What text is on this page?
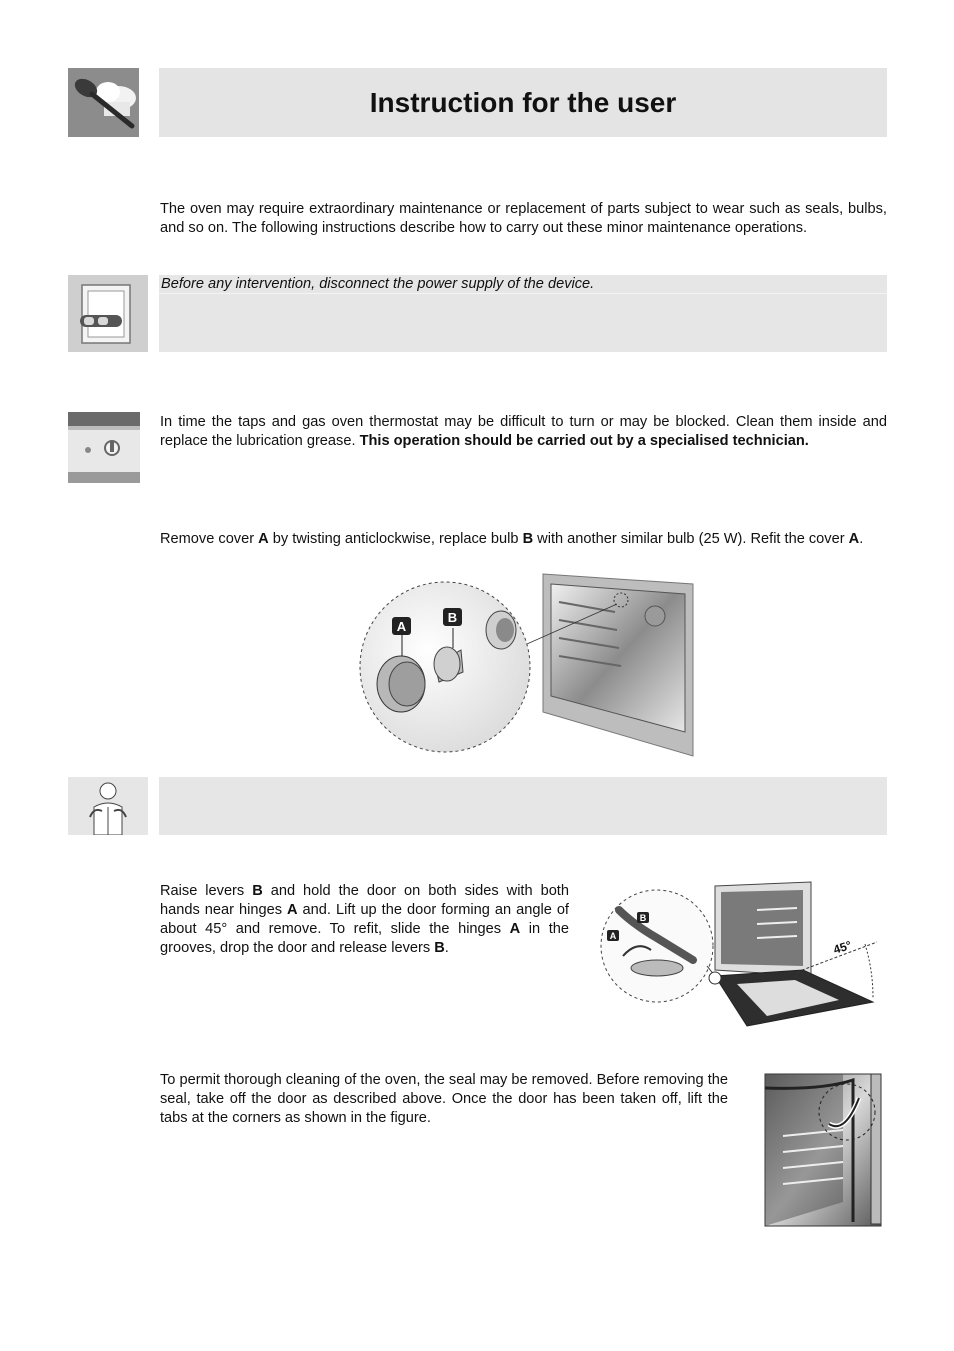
Instruction for the user

The oven may require extraordinary maintenance or replacement of parts subject to wear such as seals, bulbs, and so on. The following instructions describe how to carry out these minor maintenance operations.

Before any intervention, disconnect the power supply of the device.

In time the taps and gas oven thermostat may be difficult to turn or may be blocked. Clean them inside and replace the lubrication grease. This operation should be carried out by a specialised technician.

Remove cover A by twisting anticlockwise, replace bulb B with another similar bulb (25 W). Refit the cover A.

A
B

Raise levers B and hold the door on both sides with both hands near hinges A and. Lift up the door forming an angle of about 45° and remove. To refit, slide the hinges A in the grooves, drop the door and release levers B.	45°
B
A

To permit thorough cleaning of the oven, the seal may be removed. Before removing the seal, take off the door as described above. Once the door has been taken off, lift the tabs at the corners as shown in the figure.
